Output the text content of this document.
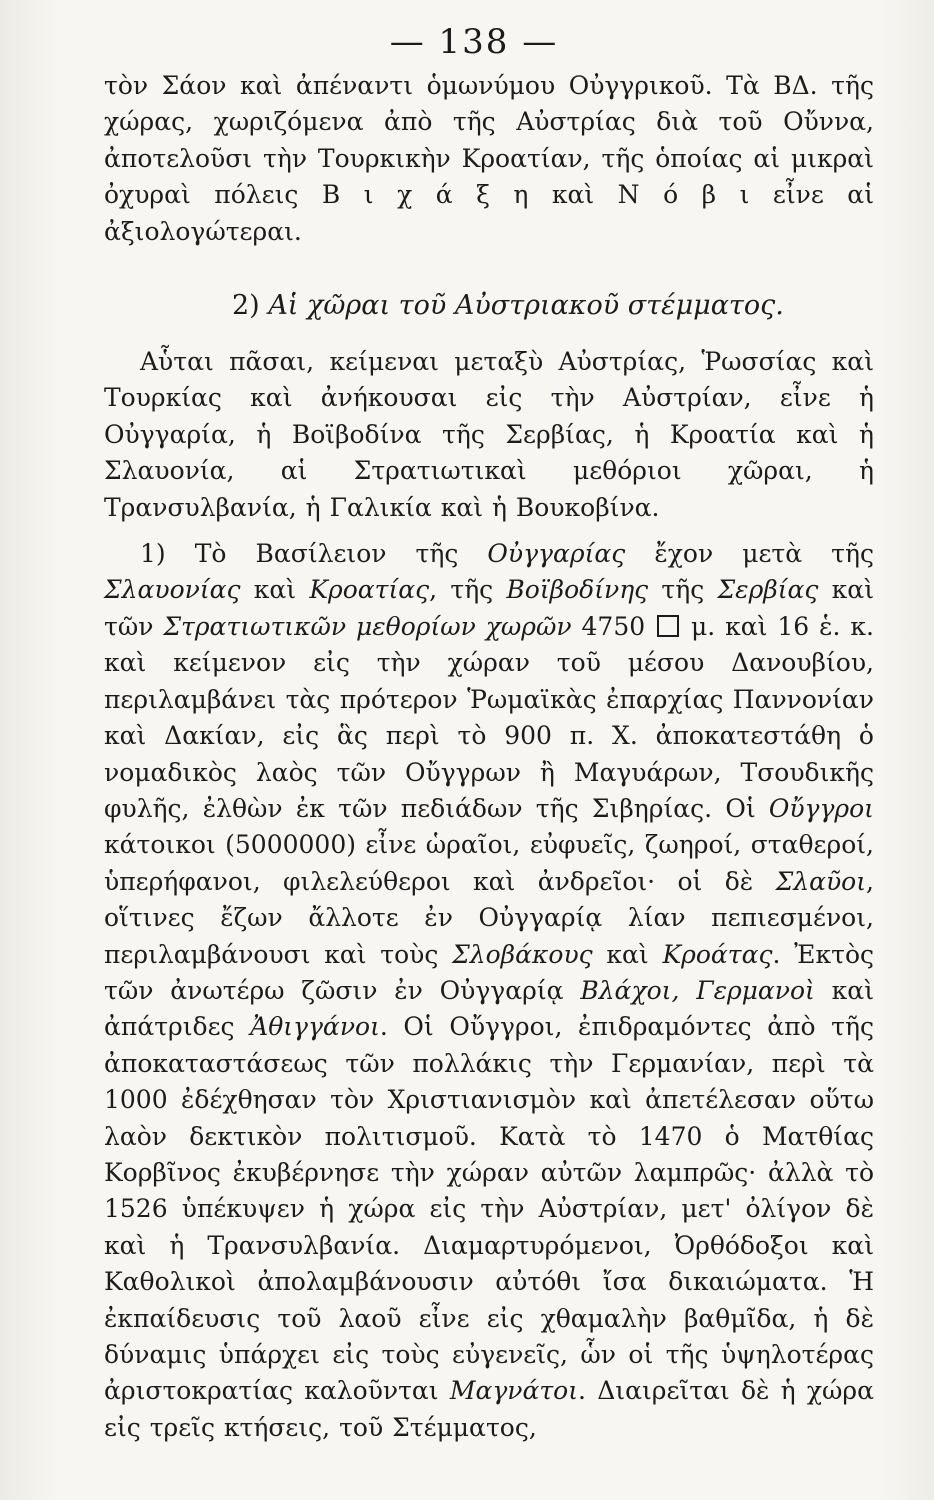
— 138 —

τὸν Σάον καὶ ἀπέναντι ὁμωνύμου Οὐγγρικοῦ. Τὰ ΒΔ. τῆς χώρας, χωριζόμενα ἀπὸ τῆς Αὐστρίας διὰ τοῦ Οὔννα, ἀποτελοῦσι τὴν Τουρκικὴν Κροατίαν, τῆς ὁποίας αἱ μικραὶ ὀχυραὶ πόλεις Β ι χ ά ξ η καὶ Ν ό β ι εἶνε αἱ ἀξιολογώτεραι.

2) Αἱ χῶραι τοῦ Αὐστριακοῦ στέμματος.

Αὗται πᾶσαι, κείμεναι μεταξὺ Αὐστρίας, Ῥωσσίας καὶ Τουρκίας καὶ ἀνήκουσαι εἰς τὴν Αὐστρίαν, εἶνε ἡ Οὐγγαρία, ἡ Βοϊβοδίνα τῆς Σερβίας, ἡ Κροατία καὶ ἡ Σλαυονία, αἱ Στρατιωτικαὶ μεθόριοι χῶραι, ἡ Τρανσυλβανία, ἡ Γαλικία καὶ ἡ Βουκοβίνα.

1) Τὸ Βασίλειον τῆς Οὐγγαρίας ἔχον μετὰ τῆς Σλαυονίας καὶ Κροατίας, τῆς Βοϊβοδίνης τῆς Σερβίας καὶ τῶν Στρατιωτικῶν μεθορίων χωρῶν 4750  μ. καὶ 16 ἑ. κ. καὶ κείμενον εἰς τὴν χώραν τοῦ μέσου Δανουβίου, περιλαμβάνει τὰς πρότερον Ῥωμαϊκὰς ἐπαρχίας Παννονίαν καὶ Δακίαν, εἰς ἃς περὶ τὸ 900 π. Χ. ἀποκατεστάθη ὁ νομαδικὸς λαὸς τῶν Οὔγγρων ἢ Μαγυάρων, Τσουδικῆς φυλῆς, ἐλθὼν ἐκ τῶν πεδιάδων τῆς Σιβηρίας. Οἱ Οὔγγροι κάτοικοι (5000000) εἶνε ὡραῖοι, εὐφυεῖς, ζωηροί, σταθεροί, ὑπερήφανοι, φιλελεύθεροι καὶ ἀνδρεῖοι· οἱ δὲ Σλαῦοι, οἵτινες ἔζων ἄλλοτε ἐν Οὐγγαρίᾳ λίαν πεπιεσμένοι, περιλαμβάνουσι καὶ τοὺς Σλοβάκους καὶ Κροάτας. Ἐκτὸς τῶν ἀνωτέρω ζῶσιν ἐν Οὐγγαρίᾳ Βλάχοι, Γερμανοὶ καὶ ἀπάτριδες Ἀθιγγάνοι. Οἱ Οὔγγροι, ἐπιδραμόντες ἀπὸ τῆς ἀποκαταστάσεως τῶν πολλάκις τὴν Γερμανίαν, περὶ τὰ 1000 ἐδέχθησαν τὸν Χριστιανισμὸν καὶ ἀπετέλεσαν οὕτω λαὸν δεκτικὸν πολιτισμοῦ. Κατὰ τὸ 1470 ὁ Ματθίας Κορβῖνος ἐκυβέρνησε τὴν χώραν αὐτῶν λαμπρῶς· ἀλλὰ τὸ 1526 ὑπέκυψεν ἡ χώρα εἰς τὴν Αὐστρίαν, μετ' ὀλίγον δὲ καὶ ἡ Τρανσυλβανία. Διαμαρτυρόμενοι, Ὀρθόδοξοι καὶ Καθολικοὶ ἀπολαμβάνουσιν αὐτόθι ἴσα δικαιώματα. Ἡ ἐκπαίδευσις τοῦ λαοῦ εἶνε εἰς χθαμαλὴν βαθμῖδα, ἡ δὲ δύναμις ὑπάρχει εἰς τοὺς εὐγενεῖς, ὧν οἱ τῆς ὑψηλοτέρας ἀριστοκρατίας καλοῦνται Μαγνάτοι. Διαιρεῖται δὲ ἡ χώρα εἰς τρεῖς κτήσεις, τοῦ Στέμματος,
